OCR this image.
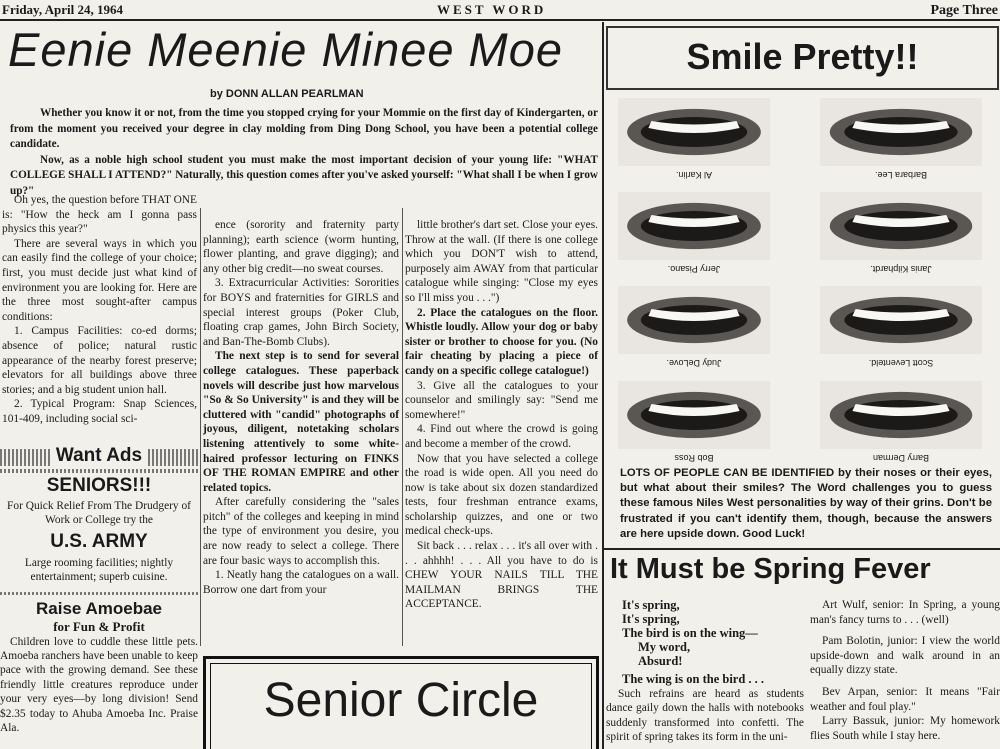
Friday, April 24, 1964	WEST WORD	Page Three
Eenie Meenie Minee Moe
by DONN ALLAN PEARLMAN

Whether you know it or not, from the time you stopped crying for your Mommie on the first day of Kindergarten, or from the moment you received your degree in clay molding from Ding Dong School, you have been a potential college candidate.

Now, as a noble high school student you must make the most important decision of your young life: "WHAT COLLEGE SHALL I ATTEND?" Naturally, this question comes after you've asked yourself: "What shall I be when I grow up?"

Oh yes, the question before THAT ONE is: "How the heck am I gonna pass physics this year?"

There are several ways in which you can easily find the college of your choice; first, you must decide just what kind of environment you are looking for. Here are the three most sought-after campus conditions:

1. Campus Facilities: co-ed dorms; absence of police; natural rustic appearance of the nearby forest preserve; elevators for all buildings above three stories; and a big student union hall.

2. Typical Program: Snap Sciences, 101-409, including social sci-

ence (sorority and fraternity party planning); earth science (worm hunting, flower planting, and grave digging); and any other big credit—no sweat courses.

3. Extracurricular Activities: Sororities for BOYS and fraternities for GIRLS and special interest groups (Poker Club, floating crap games, John Birch Society, and Ban-The-Bomb Clubs).

The next step is to send for several college catalogues. These paperback novels will describe just how marvelous "So & So University" is and they will be cluttered with "candid" photographs of joyous, diligent, notetaking scholars listening attentively to some white-haired professor lecturing on FINKS OF THE ROMAN EMPIRE and other related topics.

After carefully considering the "sales pitch" of the colleges and keeping in mind the type of environment you desire, you are now ready to select a college. There are four basic ways to accomplish this.

1. Neatly hang the catalogues on a wall. Borrow one dart from your

little brother's dart set. Close your eyes. Throw at the wall. (If there is one college which you DON'T wish to attend, purposely aim AWAY from that particular catalogue while singing: "Close my eyes so I'll miss you . . .")

2. Place the catalogues on the floor. Whistle loudly. Allow your dog or baby sister or brother to choose for you. (No fair cheating by placing a piece of candy on a specific college catalogue!)

3. Give all the catalogues to your counselor and smilingly say: "Send me somewhere!"

4. Find out where the crowd is going and become a member of the crowd.

Now that you have selected a college the road is wide open. All you need do now is take about six dozen standardized tests, four freshman entrance exams, scholarship quizzes, and one or two medical check-ups.

Sit back . . . relax . . . it's all over with . . . ahhhh! . . . All you have to do is CHEW YOUR NAILS TILL THE MAILMAN BRINGS THE ACCEPTANCE.

Want Ads
SENIORS!!!
For Quick Relief From The Drudgery of Work or College try the
U.S. ARMY
Large rooming facilities; nightly entertainment; superb cuisine.
Raise Amoebae
for Fun & Profit
Children love to cuddle these little pets. Amoeba ranchers have been unable to keep pace with the growing demand. See these friendly little creatures reproduce under your very eyes—by long division! Send $2.35 today to Ahuba Amoeba Inc. Praise Ala.
Senior Circle
Smile Pretty!!
Al Karlin.	Barbara Lee.
Jerry Pisano.	Janis Kilphardt.
Judy DeLove.	Scott Leventeld.
Bob Ross	Barry Derman
LOTS OF PEOPLE CAN BE IDENTIFIED by their noses or their eyes, but what about their smiles? The Word challenges you to guess these famous Niles West personalities by way of their grins. Don't be frustrated if you can't identify them, though, because the answers are here upside down. Good Luck!
It Must be Spring Fever
It's spring,
It's spring,
The bird is on the wing—
My word,
Absurd!

The wing is on the bird . . .

Such refrains are heard as students dance gaily down the halls with notebooks suddenly transformed into confetti. The spirit of spring takes its form in the uni-

Art Wulf, senior: In Spring, a young man's fancy turns to . . . (well)

Pam Bolotin, junior: I view the world upside-down and walk around in an equally dizzy state.

Bev Arpan, senior: It means "Fair weather and foul play."

Larry Bassuk, junior: My homework flies South while I stay here.
